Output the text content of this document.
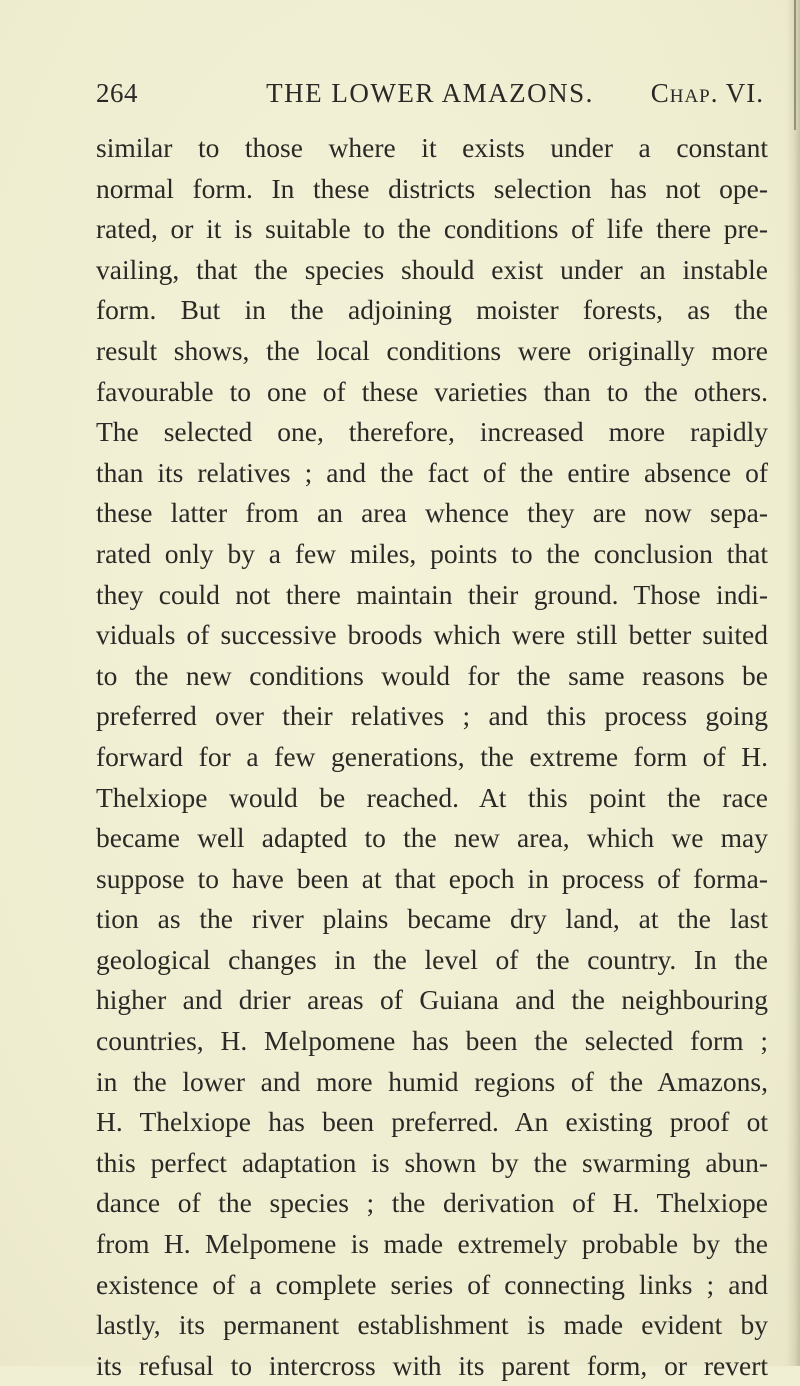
264	THE LOWER AMAZONS.	Chap. VI.
similar to those where it exists under a constant
normal form. In these districts selection has not ope-
rated, or it is suitable to the conditions of life there pre-
vailing, that the species should exist under an instable
form. But in the adjoining moister forests, as the
result shows, the local conditions were originally more
favourable to one of these varieties than to the others.
The selected one, therefore, increased more rapidly
than its relatives ; and the fact of the entire absence of
these latter from an area whence they are now sepa-
rated only by a few miles, points to the conclusion that
they could not there maintain their ground. Those indi-
viduals of successive broods which were still better suited
to the new conditions would for the same reasons be
preferred over their relatives ; and this process going
forward for a few generations, the extreme form of H.
Thelxiope would be reached. At this point the race
became well adapted to the new area, which we may
suppose to have been at that epoch in process of forma-
tion as the river plains became dry land, at the last
geological changes in the level of the country. In the
higher and drier areas of Guiana and the neighbouring
countries, H. Melpomene has been the selected form ;
in the lower and more humid regions of the Amazons,
H. Thelxiope has been preferred. An existing proof ot
this perfect adaptation is shown by the swarming abun-
dance of the species ; the derivation of H. Thelxiope
from H. Melpomene is made extremely probable by the
existence of a complete series of connecting links ; and
lastly, its permanent establishment is made evident by
its refusal to intercross with its parent form, or revert
